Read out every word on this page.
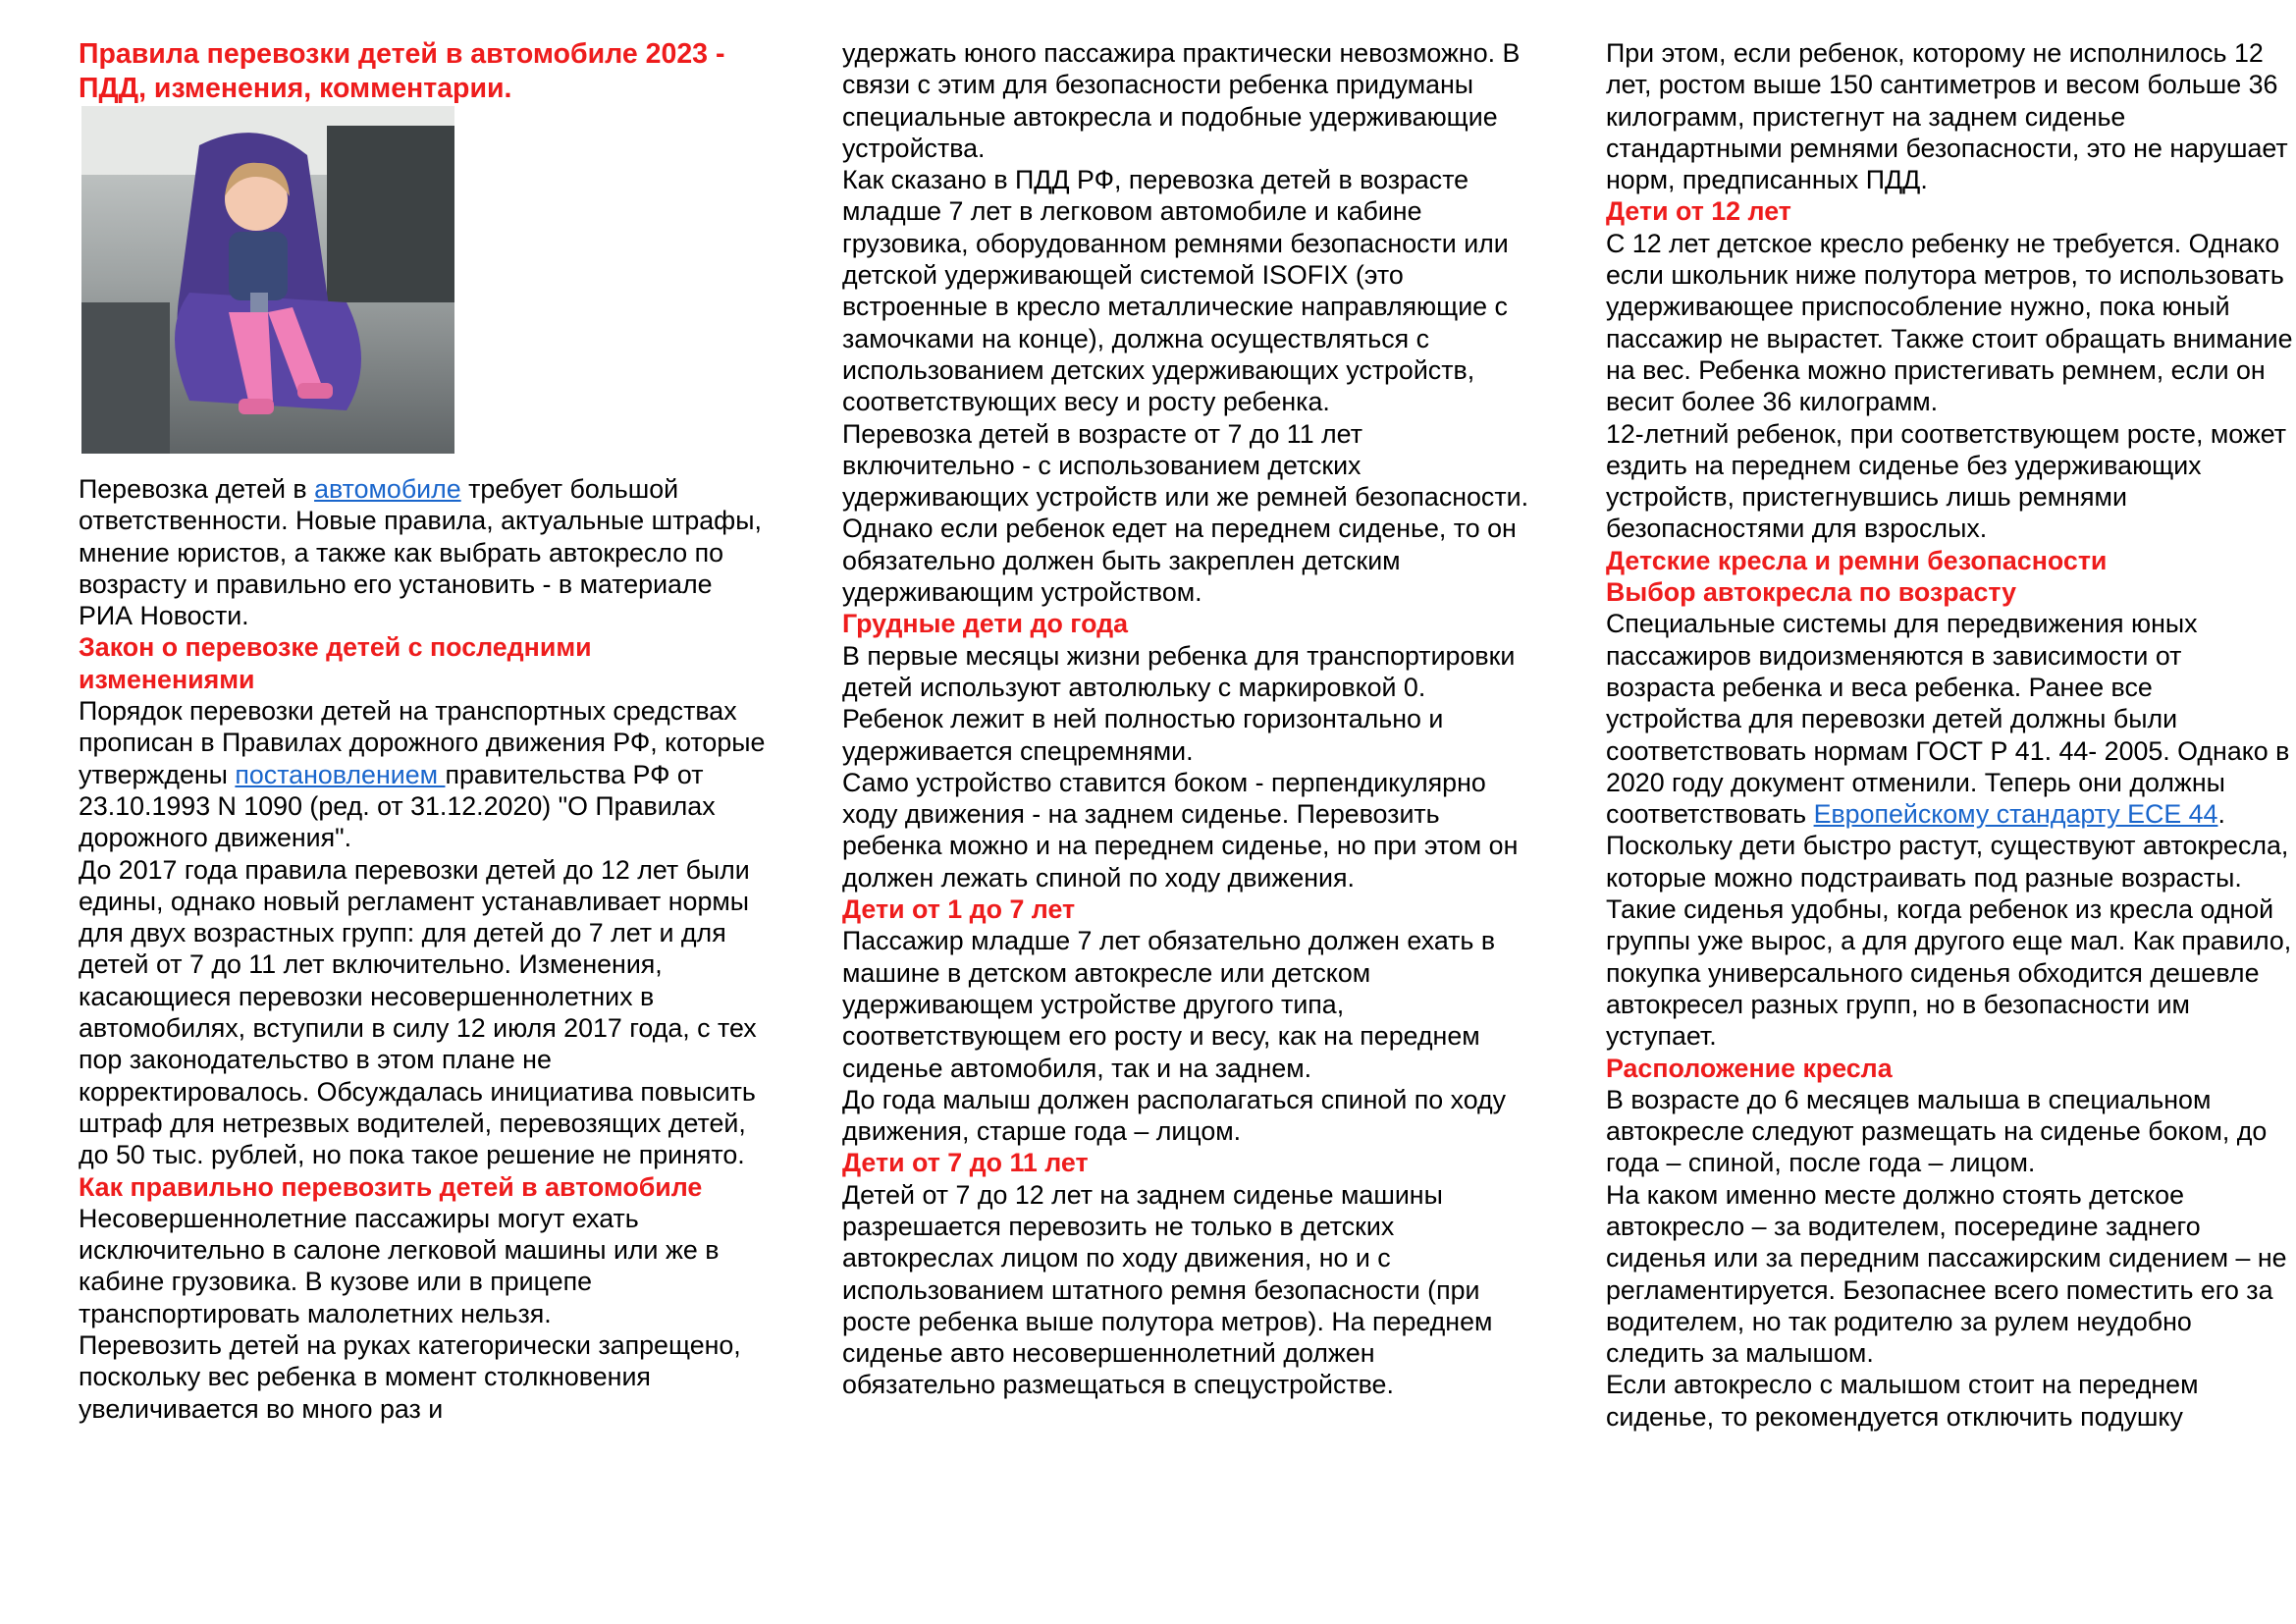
Правила перевозки детей в автомобиле 2023 - ПДД, изменения, комментарии.

Перевозка детей в автомобиле требует большой ответственности. Новые правила, актуальные штрафы, мнение юристов, а также как выбрать автокресло по возрасту и правильно его установить - в материале РИА Новости.

Закон о перевозке детей с последними изменениями

Порядок перевозки детей на транспортных средствах прописан в Правилах дорожного движения РФ, которые утверждены постановлением правительства РФ от 23.10.1993 N 1090 (ред. от 31.12.2020) "О Правилах дорожного движения".

До 2017 года правила перевозки детей до 12 лет были едины, однако новый регламент устанавливает нормы для двух возрастных групп: для детей до 7 лет и для детей от 7 до 11 лет включительно. Изменения, касающиеся перевозки несовершеннолетних в автомобилях, вступили в силу 12 июля 2017 года, с тех пор законодательство в этом плане не корректировалось. Обсуждалась инициатива повысить штраф для нетрезвых водителей, перевозящих детей, до 50 тыс. рублей, но пока такое решение не принято.

Как правильно перевозить детей в автомобиле

Несовершеннолетние пассажиры могут ехать исключительно в салоне легковой машины или же в кабине грузовика. В кузове или в прицепе транспортировать малолетних нельзя.

Перевозить детей на руках категорически запрещено, поскольку вес ребенка в момент столкновения увеличивается во много раз и

удержать юного пассажира практически невозможно. В связи с этим для безопасности ребенка придуманы специальные автокресла и подобные удерживающие устройства.

Как сказано в ПДД РФ, перевозка детей в возрасте младше 7 лет в легковом автомобиле и кабине грузовика, оборудованном ремнями безопасности или детской удерживающей системой ISOFIX (это встроенные в кресло металлические направляющие с замочками на конце), должна осуществляться с использованием детских удерживающих устройств, соответствующих весу и росту ребенка.

Перевозка детей в возрасте от 7 до 11 лет включительно - с использованием детских удерживающих устройств или же ремней безопасности. Однако если ребенок едет на переднем сиденье, то он обязательно должен быть закреплен детским удерживающим устройством.

Грудные дети до года

В первые месяцы жизни ребенка для транспортировки детей используют автолюльку с маркировкой 0. Ребенок лежит в ней полностью горизонтально и удерживается спецремнями.

Само устройство ставится боком - перпендикулярно ходу движения - на заднем сиденье. Перевозить ребенка можно и на переднем сиденье, но при этом он должен лежать спиной по ходу движения.

Дети от 1 до 7 лет

Пассажир младше 7 лет обязательно должен ехать в машине в детском автокресле или детском удерживающем устройстве другого типа, соответствующем его росту и весу, как на переднем сиденье автомобиля, так и на заднем.

До года малыш должен располагаться спиной по ходу движения, старше года – лицом.

Дети от 7 до 11 лет

Детей от 7 до 12 лет на заднем сиденье машины разрешается перевозить не только в детских автокреслах лицом по ходу движения, но и с использованием штатного ремня безопасности (при росте ребенка выше полутора метров). На переднем сиденье авто несовершеннолетний должен обязательно размещаться в спецустройстве.

При этом, если ребенок, которому не исполнилось 12 лет, ростом выше 150 сантиметров и весом больше 36 килограмм, пристегнут на заднем сиденье стандартными ремнями безопасности, это не нарушает норм, предписанных ПДД.

Дети от 12 лет

С 12 лет детское кресло ребенку не требуется. Однако если школьник ниже полутора метров, то использовать удерживающее приспособление нужно, пока юный пассажир не вырастет. Также стоит обращать внимание на вес. Ребенка можно пристегивать ремнем, если он весит более 36 килограмм.

12-летний ребенок, при соответствующем росте, может ездить на переднем сиденье без удерживающих устройств, пристегнувшись лишь ремнями безопасностями для взрослых.

Детские кресла и ремни безопасности

Выбор автокресла по возрасту

Специальные системы для передвижения юных пассажиров видоизменяются в зависимости от возраста ребенка и веса ребенка. Ранее все устройства для перевозки детей должны были соответствовать нормам ГОСТ Р 41. 44- 2005. Однако в 2020 году документ отменили. Теперь они должны соответствовать Европейскому стандарту ЕСЕ 44.

Поскольку дети быстро растут, существуют автокресла, которые можно подстраивать под разные возрасты. Такие сиденья удобны, когда ребенок из кресла одной группы уже вырос, а для другого еще мал. Как правило, покупка универсального сиденья обходится дешевле автокресел разных групп, но в безопасности им уступает.

Расположение кресла

В возрасте до 6 месяцев малыша в специальном автокресле следуют размещать на сиденье боком, до года – спиной, после года – лицом.

На каком именно месте должно стоять детское автокресло – за водителем, посередине заднего сиденья или за передним пассажирским сидением – не регламентируется. Безопаснее всего поместить его за водителем, но так родителю за рулем неудобно следить за малышом.

Если автокресло с малышом стоит на переднем сиденье, то рекомендуется отключить подушку
